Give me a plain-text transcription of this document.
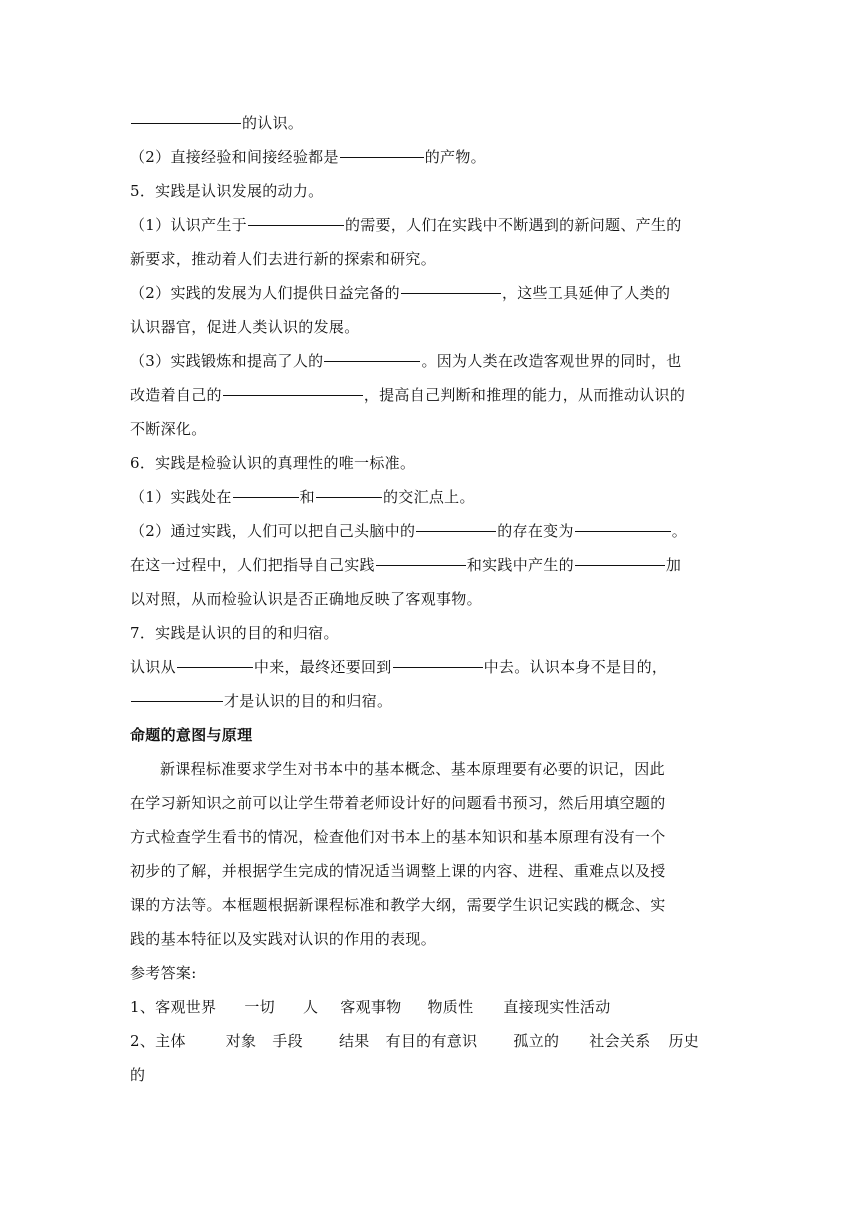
的认识。
（2）直接经验和间接经验都是	的产物。
5．实践是认识发展的动力。
（1）认识产生于	的需要，人们在实践中不断遇到的新问题、产生的
新要求，推动着人们去进行新的探索和研究。
（2）实践的发展为人们提供日益完备的	，这些工具延伸了人类的
认识器官，促进人类认识的发展。
（3）实践锻炼和提高了人的	。因为人类在改造客观世界的同时，也
改造着自己的	，提高自己判断和推理的能力，从而推动认识的
不断深化。
6．实践是检验认识的真理性的唯一标准。
（1）实践处在	和	的交汇点上。
（2）通过实践，人们可以把自己头脑中的	的存在变为	。
在这一过程中，人们把指导自己实践	和实践中产生的	加
以对照，从而检验认识是否正确地反映了客观事物。
7．实践是认识的目的和归宿。
认识从	中来，最终还要回到	中去。认识本身不是目的，
才是认识的目的和归宿。
命题的意图与原理
新课程标准要求学生对书本中的基本概念、基本原理要有必要的识记，因此
在学习新知识之前可以让学生带着老师设计好的问题看书预习，然后用填空题的
方式检查学生看书的情况，检查他们对书本上的基本知识和基本原理有没有一个
初步的了解，并根据学生完成的情况适当调整上课的内容、进程、重难点以及授
课的方法等。本框题根据新课程标准和教学大纲，需要学生识记实践的概念、实
践的基本特征以及实践对认识的作用的表现。
参考答案:
1、客观世界 一切 人 客观事物 物质性 直接现实性活动
2、主体	对象 手段 结果 有目的有意识 孤立的 社会关系 历史
的
